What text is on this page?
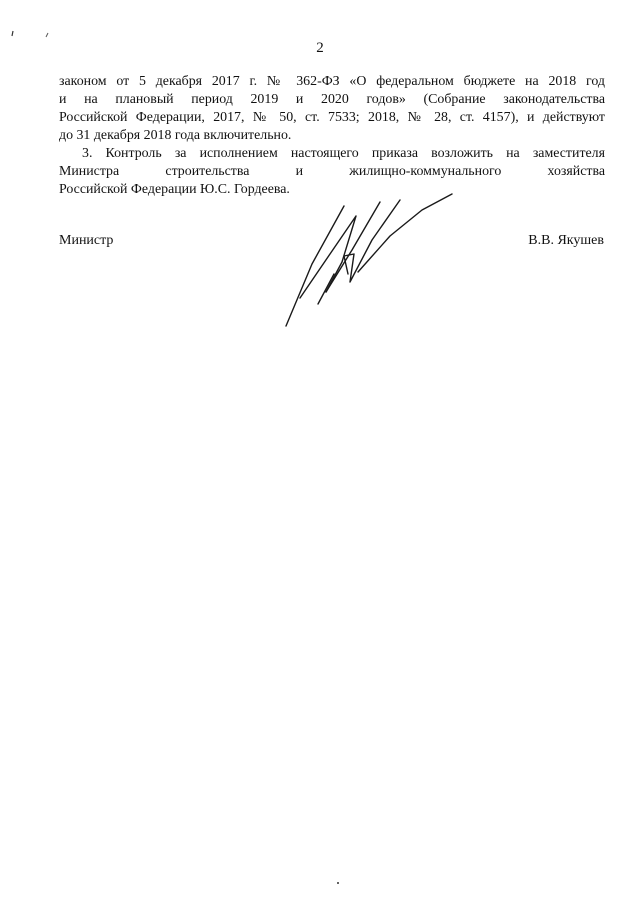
2
законом от 5 декабря 2017 г. № 362-ФЗ «О федеральном бюджете на 2018 год
и на плановый период 2019 и 2020 годов» (Собрание законодательства
Российской Федерации, 2017, № 50, ст. 7533; 2018, № 28, ст. 4157), и действуют
до 31 декабря 2018 года включительно.
3. Контроль за исполнением настоящего приказа возложить на заместителя
Министра строительства и жилищно-коммунального хозяйства
Российской Федерации Ю.С. Гордеева.
Министр	В.В. Якушев
